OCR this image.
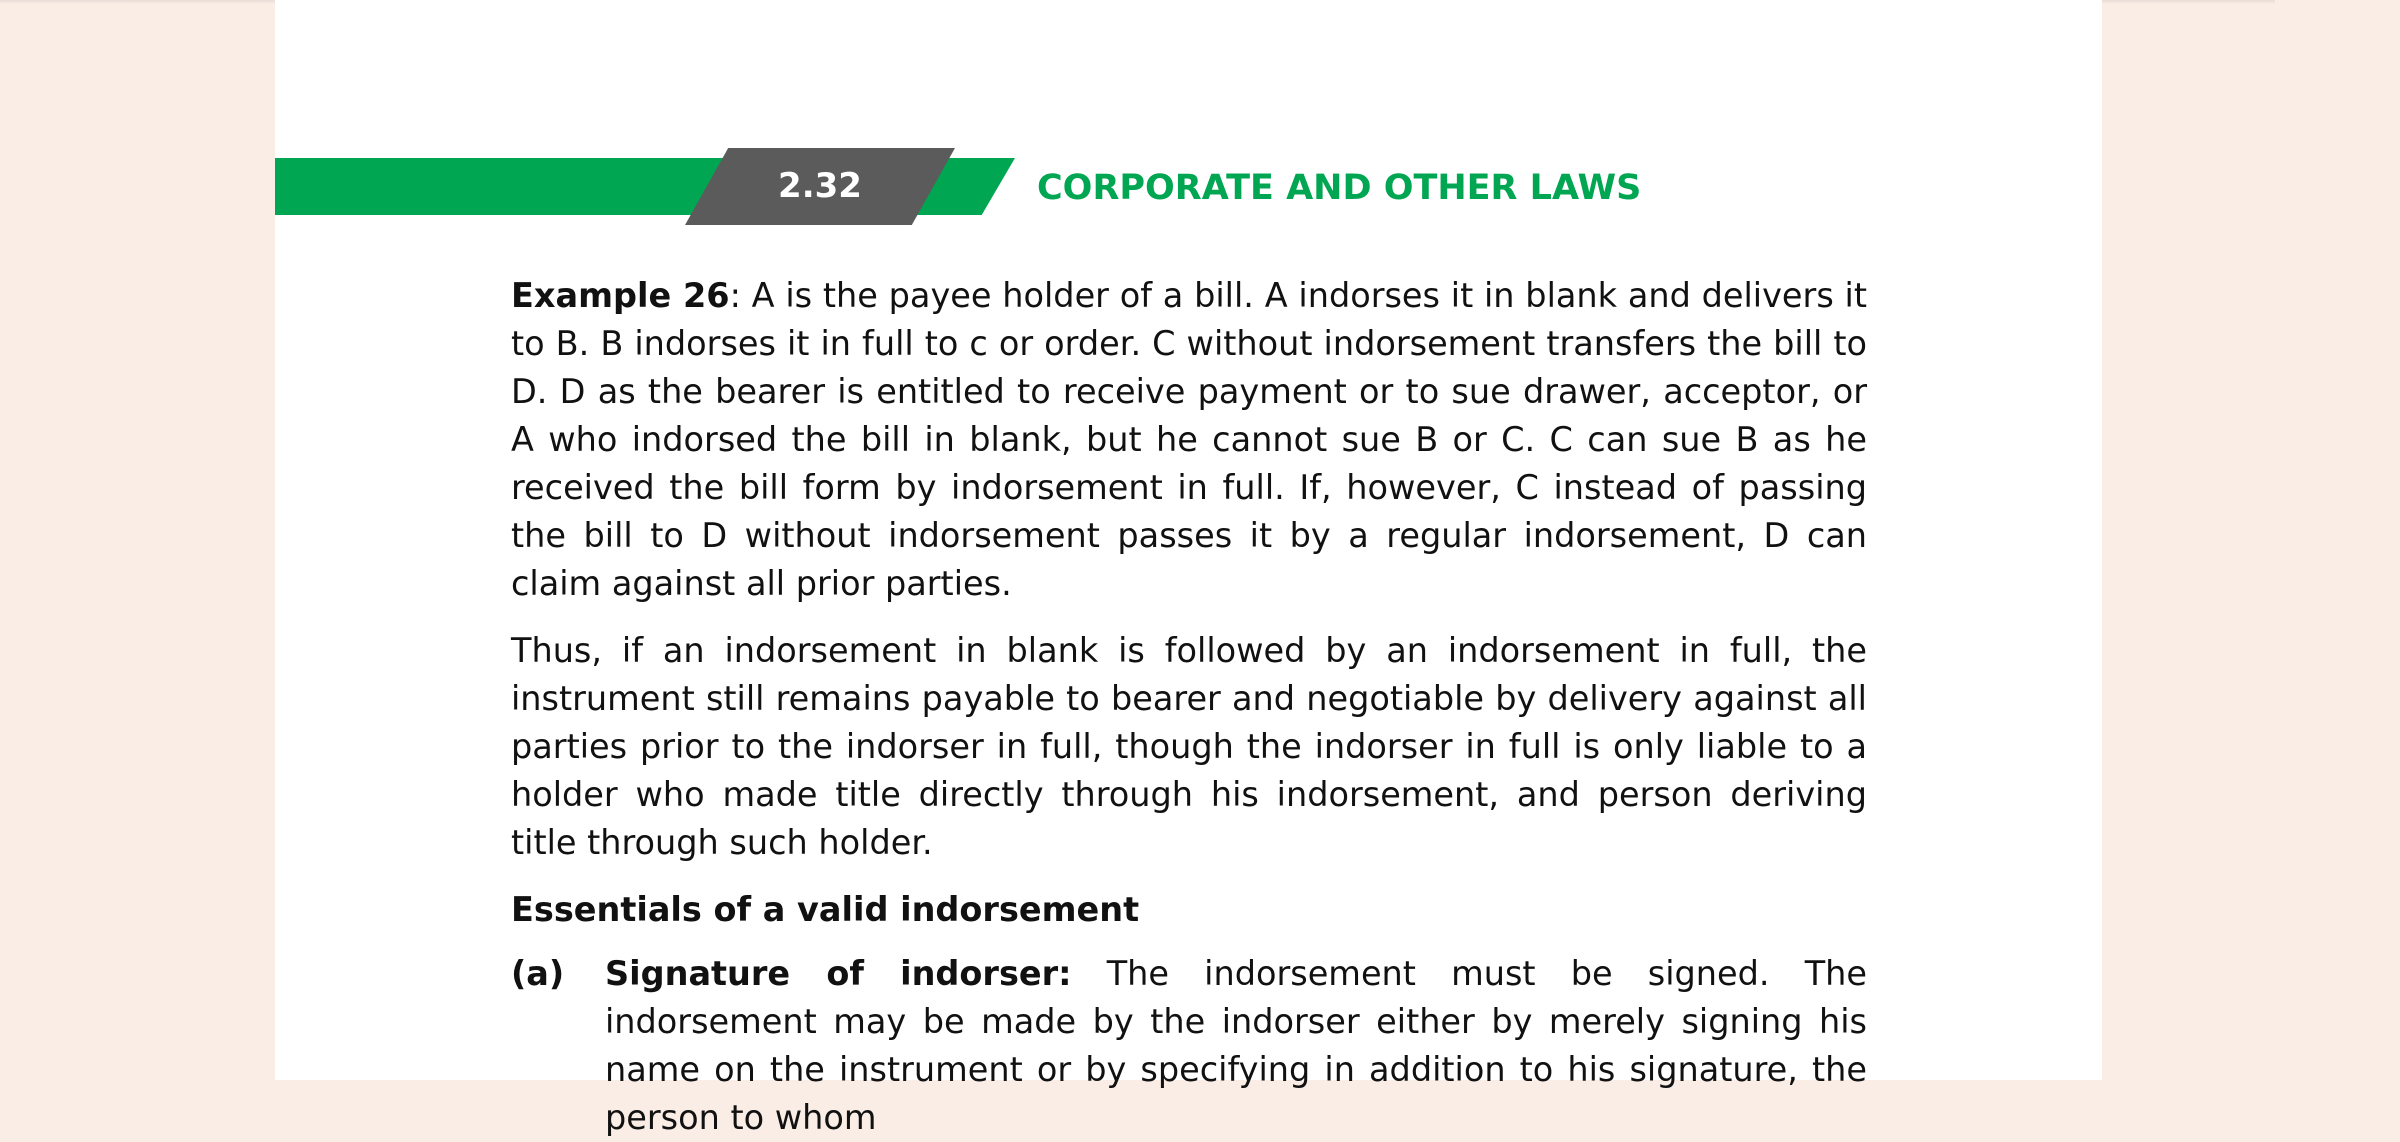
2.32	CORPORATE AND OTHER LAWS

Example 26: A is the payee holder of a bill. A indorses it in blank and delivers it to B. B indorses it in full to c or order. C without indorsement transfers the bill to D. D as the bearer is entitled to receive payment or to sue drawer, acceptor, or A who indorsed the bill in blank, but he cannot sue B or C. C can sue B as he received the bill form by indorsement in full. If, however, C instead of passing the bill to D without indorsement passes it by a regular indorsement, D can claim against all prior parties.

Thus, if an indorsement in blank is followed by an indorsement in full, the instrument still remains payable to bearer and negotiable by delivery against all parties prior to the indorser in full, though the indorser in full is only liable to a holder who made title directly through his indorsement, and person deriving title through such holder.

Essentials of a valid indorsement
(a)	Signature of indorser: The indorsement must be signed. The indorsement may be made by the indorser either by merely signing his name on the instrument or by specifying in addition to his signature, the person to whom
